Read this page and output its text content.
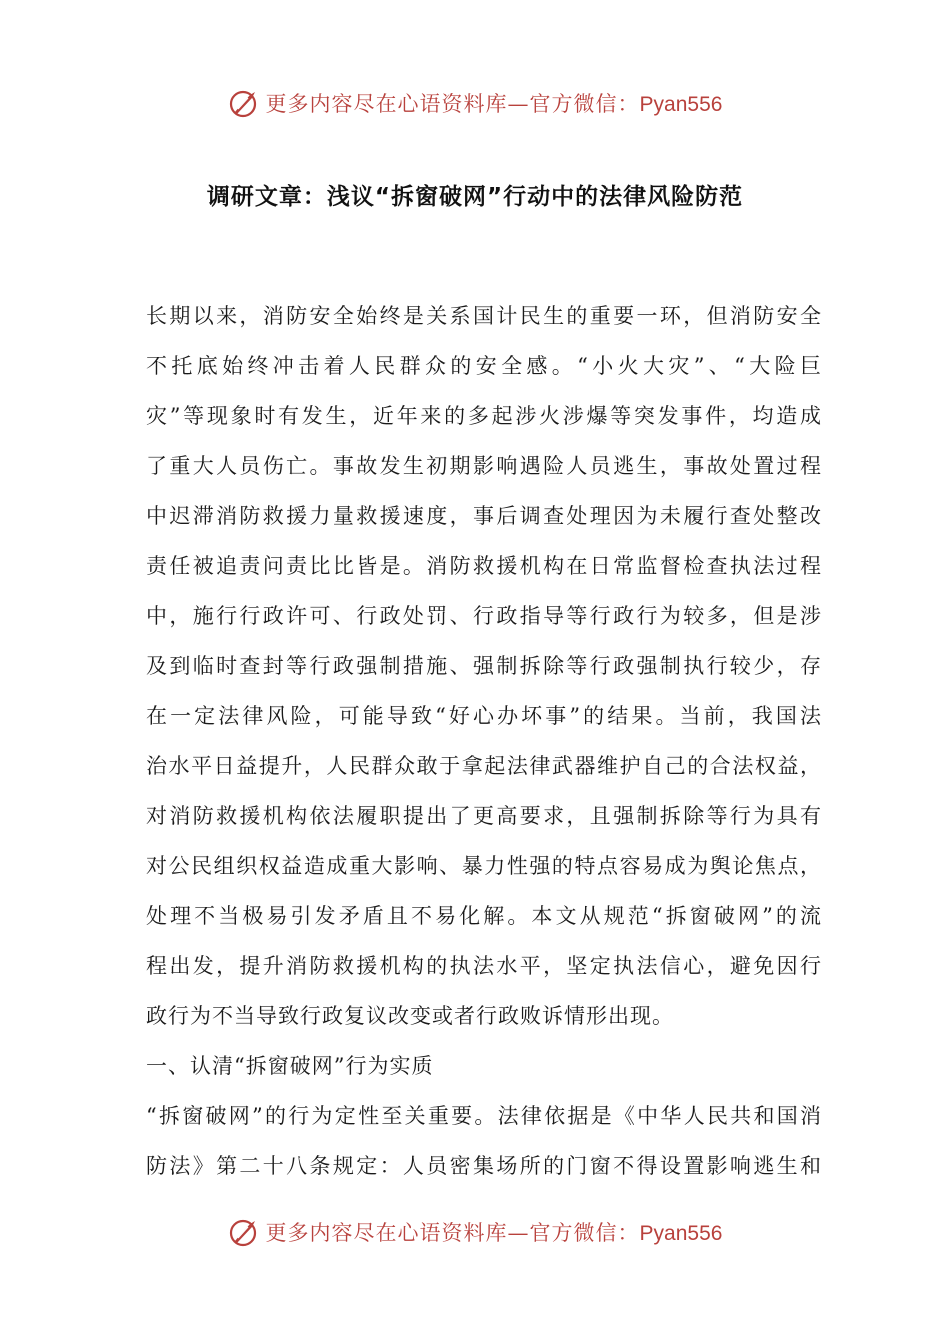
更多内容尽在心语资料库—官方微信：Pyan556
调研文章：浅议“拆窗破网”行动中的法律风险防范
长期以来，消防安全始终是关系国计民生的重要一环，但消防安全
不托底始终冲击着人民群众的安全感。“小火大灾”、“大险巨
灾”等现象时有发生，近年来的多起涉火涉爆等突发事件，均造成
了重大人员伤亡。事故发生初期影响遇险人员逃生，事故处置过程
中迟滞消防救援力量救援速度，事后调查处理因为未履行查处整改
责任被追责问责比比皆是。消防救援机构在日常监督检查执法过程
中，施行行政许可、行政处罚、行政指导等行政行为较多，但是涉
及到临时查封等行政强制措施、强制拆除等行政强制执行较少，存
在一定法律风险，可能导致“好心办坏事”的结果。当前，我国法
治水平日益提升，人民群众敢于拿起法律武器维护自己的合法权益，
对消防救援机构依法履职提出了更高要求，且强制拆除等行为具有
对公民组织权益造成重大影响、暴力性强的特点容易成为舆论焦点，
处理不当极易引发矛盾且不易化解。本文从规范“拆窗破网”的流
程出发，提升消防救援机构的执法水平，坚定执法信心，避免因行
政行为不当导致行政复议改变或者行政败诉情形出现。
一、认清“拆窗破网”行为实质
“拆窗破网”的行为定性至关重要。法律依据是《中华人民共和国消
防法》第二十八条规定：人员密集场所的门窗不得设置影响逃生和
更多内容尽在心语资料库—官方微信：Pyan556
